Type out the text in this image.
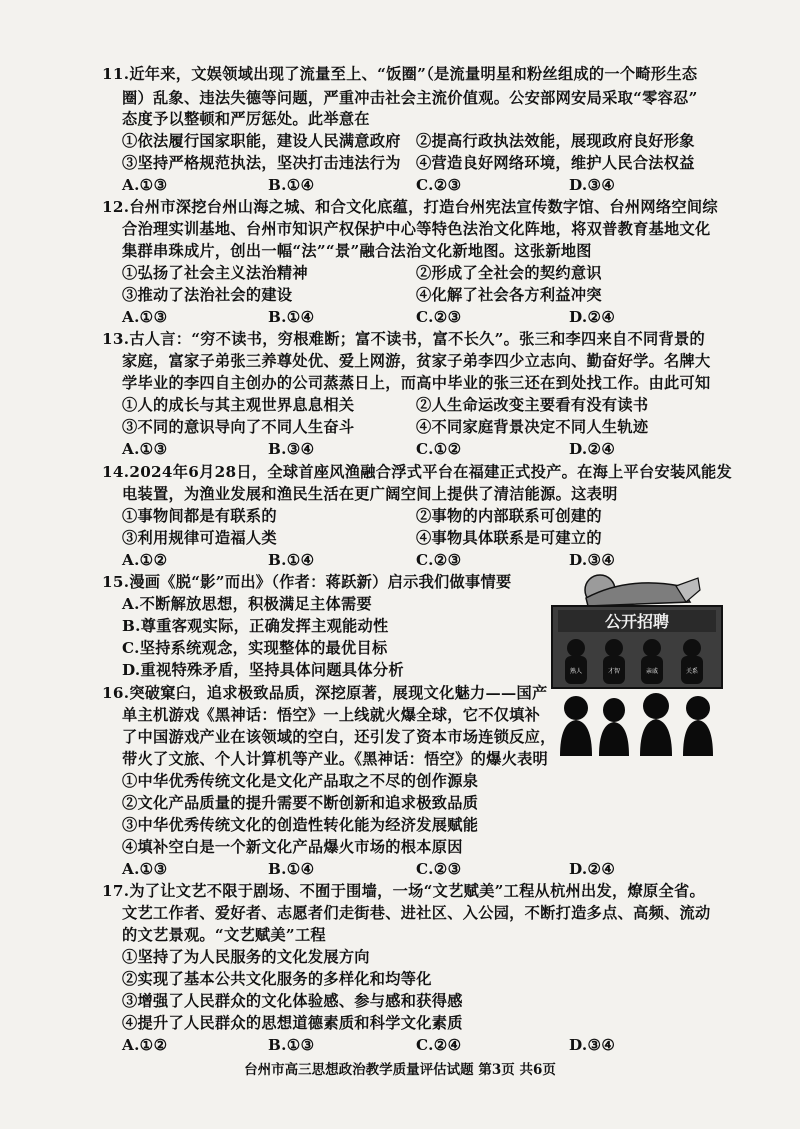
11.近年来，文娱领域出现了流量至上、“饭圈”（是流量明星和粉丝组成的一个畸形生态
圈）乱象、违法失德等问题，严重冲击社会主流价值观。公安部网安局采取“零容忍”
态度予以整顿和严厉惩处。此举意在
①依法履行国家职能，建设人民满意政府 ②提高行政执法效能，展现政府良好形象
③坚持严格规范执法，坚决打击违法行为 ④营造良好网络环境，维护人民合法权益
A.①③	B.①④	C.②③	D.③④
12.台州市深挖台州山海之城、和合文化底蕴，打造台州宪法宣传数字馆、台州网络空间综
合治理实训基地、台州市知识产权保护中心等特色法治文化阵地，将双普教育基地文化
集群串珠成片，创出一幅“法”“景”融合法治文化新地图。这张新地图
①弘扬了社会主义法治精神	②形成了全社会的契约意识
③推动了法治社会的建设	④化解了社会各方利益冲突
A.①③	B.①④	C.②③	D.②④
13.古人言：“穷不读书，穷根难断；富不读书，富不长久”。张三和李四来自不同背景的
家庭，富家子弟张三养尊处优、爱上网游，贫家子弟李四少立志向、勤奋好学。名牌大
学毕业的李四自主创办的公司蒸蒸日上，而高中毕业的张三还在到处找工作。由此可知
①人的成长与其主观世界息息相关	②人生命运改变主要看有没有读书
③不同的意识导向了不同人生奋斗	④不同家庭背景决定不同人生轨迹
A.①③	B.③④	C.①②	D.②④
14.2024年6月28日，全球首座风渔融合浮式平台在福建正式投产。在海上平台安装风能发
电装置，为渔业发展和渔民生活在更广阔空间上提供了清洁能源。这表明
①事物间都是有联系的	②事物的内部联系可创建的
③利用规律可造福人类	④事物具体联系是可建立的
A.①②	B.①④	C.②③	D.③④
15.漫画《脱“影”而出》（作者：蒋跃新）启示我们做事情要
A.不断解放思想，积极满足主体需要
B.尊重客观实际，正确发挥主观能动性
C.坚持系统观念，实现整体的最优目标
D.重视特殊矛盾，坚持具体问题具体分析
公开招聘
熟人	才智	亲戚	关系
16.突破窠臼，追求极致品质，深挖原著，展现文化魅力——国产
单主机游戏《黑神话：悟空》一上线就火爆全球，它不仅填补
了中国游戏产业在该领域的空白，还引发了资本市场连锁反应，
带火了文旅、个人计算机等产业。《黑神话：悟空》的爆火表明
①中华优秀传统文化是文化产品取之不尽的创作源泉
②文化产品质量的提升需要不断创新和追求极致品质
③中华优秀传统文化的创造性转化能为经济发展赋能
④填补空白是一个新文化产品爆火市场的根本原因
A.①③	B.①④	C.②③	D.②④
17.为了让文艺不限于剧场、不囿于围墙，一场“文艺赋美”工程从杭州出发，燎原全省。
文艺工作者、爱好者、志愿者们走街巷、进社区、入公园，不断打造多点、高频、流动
的文艺景观。“文艺赋美”工程
①坚持了为人民服务的文化发展方向
②实现了基本公共文化服务的多样化和均等化
③增强了人民群众的文化体验感、参与感和获得感
④提升了人民群众的思想道德素质和科学文化素质
A.①②	B.①③	C.②④	D.③④
台州市高三思想政治教学质量评估试题 第3页 共6页
